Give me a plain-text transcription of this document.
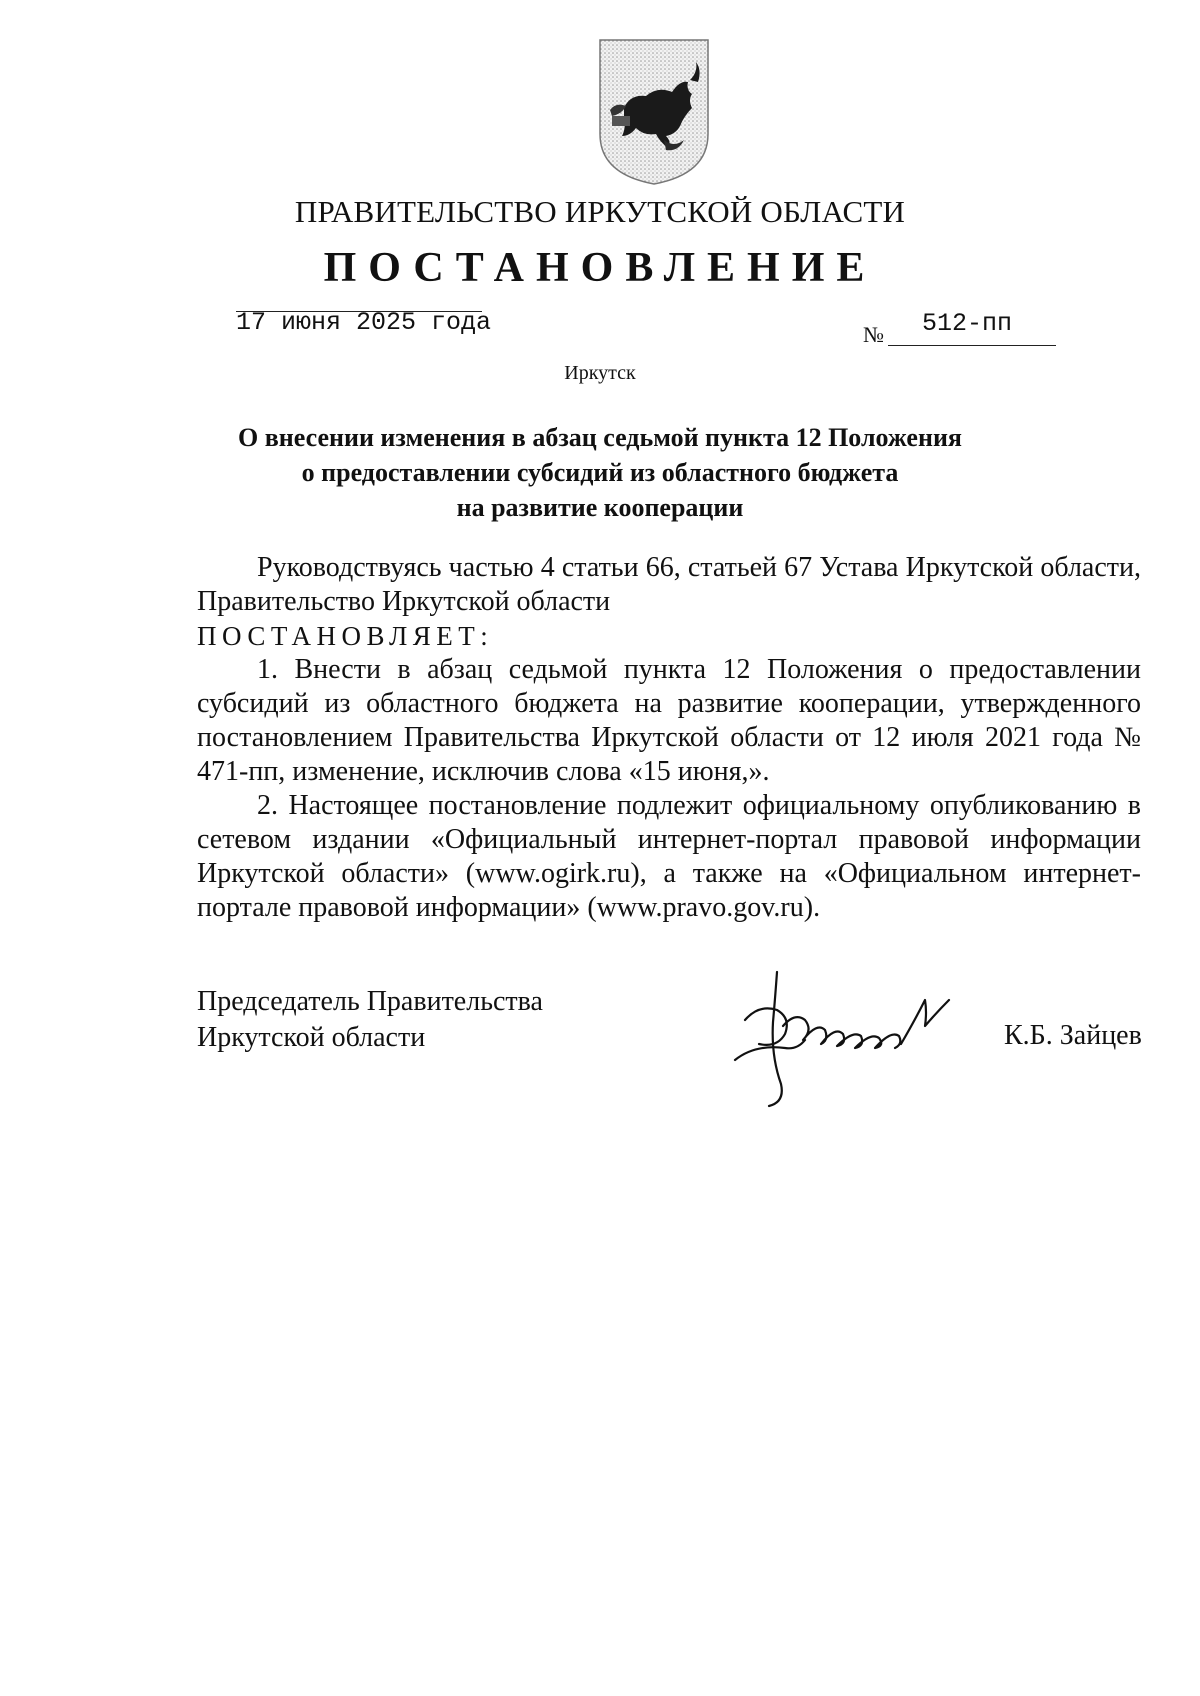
ПРАВИТЕЛЬСТВО ИРКУТСКОЙ ОБЛАСТИ
ПОСТАНОВЛЕНИЕ
17 июня 2025 года	№ 512-пп
Иркутск
О внесении изменения в абзац седьмой пункта 12 Положения
о предоставлении субсидий из областного бюджета
на развитие кооперации

Руководствуясь частью 4 статьи 66, статьей 67 Устава Иркутской области, Правительство Иркутской области

ПОСТАНОВЛЯЕТ:

1. Внести в абзац седьмой пункта 12 Положения о предоставлении субсидий из областного бюджета на развитие кооперации, утвержденного постановлением Правительства Иркутской области от 12 июля 2021 года № 471-пп, изменение, исключив слова «15 июня,».

2. Настоящее постановление подлежит официальному опубликованию в сетевом издании «Официальный интернет-портал правовой информации Иркутской области» (www.ogirk.ru), а также на «Официальном интернет-портале правовой информации» (www.pravo.gov.ru).

Председатель Правительства
Иркутской области	К.Б. Зайцев
